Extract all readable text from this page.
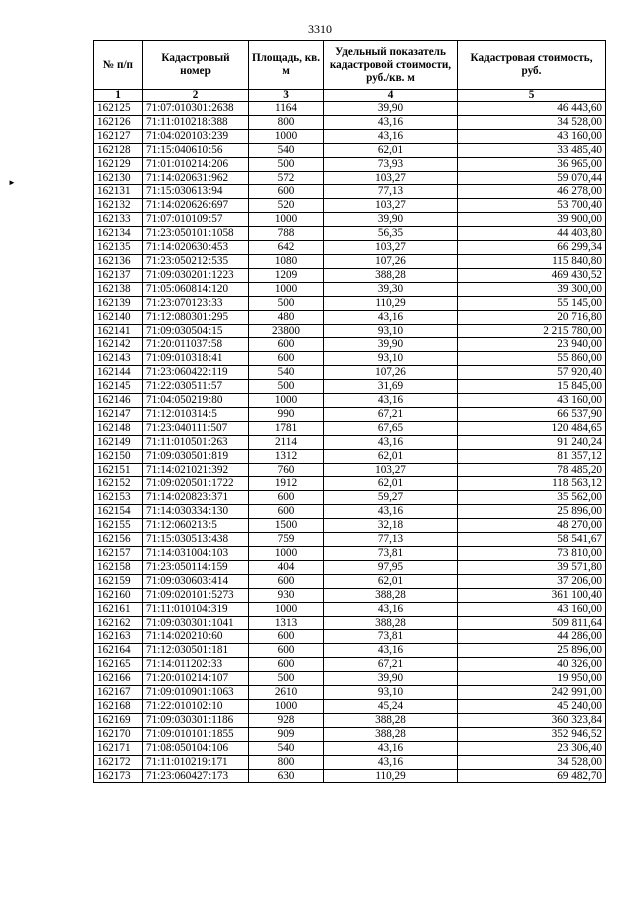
3310
►
№ п/п	Кадастровый номер	Площадь, кв. м	Удельный показатель кадастровой стоимости, руб./кв. м	Кадастровая стоимость, руб.
1	2	3	4	5
162125	71:07:010301:2638	1164	39,90	46 443,60
162126	71:11:010218:388	800	43,16	34 528,00
162127	71:04:020103:239	1000	43,16	43 160,00
162128	71:15:040610:56	540	62,01	33 485,40
162129	71:01:010214:206	500	73,93	36 965,00
162130	71:14:020631:962	572	103,27	59 070,44
162131	71:15:030613:94	600	77,13	46 278,00
162132	71:14:020626:697	520	103,27	53 700,40
162133	71:07:010109:57	1000	39,90	39 900,00
162134	71:23:050101:1058	788	56,35	44 403,80
162135	71:14:020630:453	642	103,27	66 299,34
162136	71:23:050212:535	1080	107,26	115 840,80
162137	71:09:030201:1223	1209	388,28	469 430,52
162138	71:05:060814:120	1000	39,30	39 300,00
162139	71:23:070123:33	500	110,29	55 145,00
162140	71:12:080301:295	480	43,16	20 716,80
162141	71:09:030504:15	23800	93,10	2 215 780,00
162142	71:20:011037:58	600	39,90	23 940,00
162143	71:09:010318:41	600	93,10	55 860,00
162144	71:23:060422:119	540	107,26	57 920,40
162145	71:22:030511:57	500	31,69	15 845,00
162146	71:04:050219:80	1000	43,16	43 160,00
162147	71:12:010314:5	990	67,21	66 537,90
162148	71:23:040111:507	1781	67,65	120 484,65
162149	71:11:010501:263	2114	43,16	91 240,24
162150	71:09:030501:819	1312	62,01	81 357,12
162151	71:14:021021:392	760	103,27	78 485,20
162152	71:09:020501:1722	1912	62,01	118 563,12
162153	71:14:020823:371	600	59,27	35 562,00
162154	71:14:030334:130	600	43,16	25 896,00
162155	71:12:060213:5	1500	32,18	48 270,00
162156	71:15:030513:438	759	77,13	58 541,67
162157	71:14:031004:103	1000	73,81	73 810,00
162158	71:23:050114:159	404	97,95	39 571,80
162159	71:09:030603:414	600	62,01	37 206,00
162160	71:09:020101:5273	930	388,28	361 100,40
162161	71:11:010104:319	1000	43,16	43 160,00
162162	71:09:030301:1041	1313	388,28	509 811,64
162163	71:14:020210:60	600	73,81	44 286,00
162164	71:12:030501:181	600	43,16	25 896,00
162165	71:14:011202:33	600	67,21	40 326,00
162166	71:20:010214:107	500	39,90	19 950,00
162167	71:09:010901:1063	2610	93,10	242 991,00
162168	71:22:010102:10	1000	45,24	45 240,00
162169	71:09:030301:1186	928	388,28	360 323,84
162170	71:09:010101:1855	909	388,28	352 946,52
162171	71:08:050104:106	540	43,16	23 306,40
162172	71:11:010219:171	800	43,16	34 528,00
162173	71:23:060427:173	630	110,29	69 482,70
